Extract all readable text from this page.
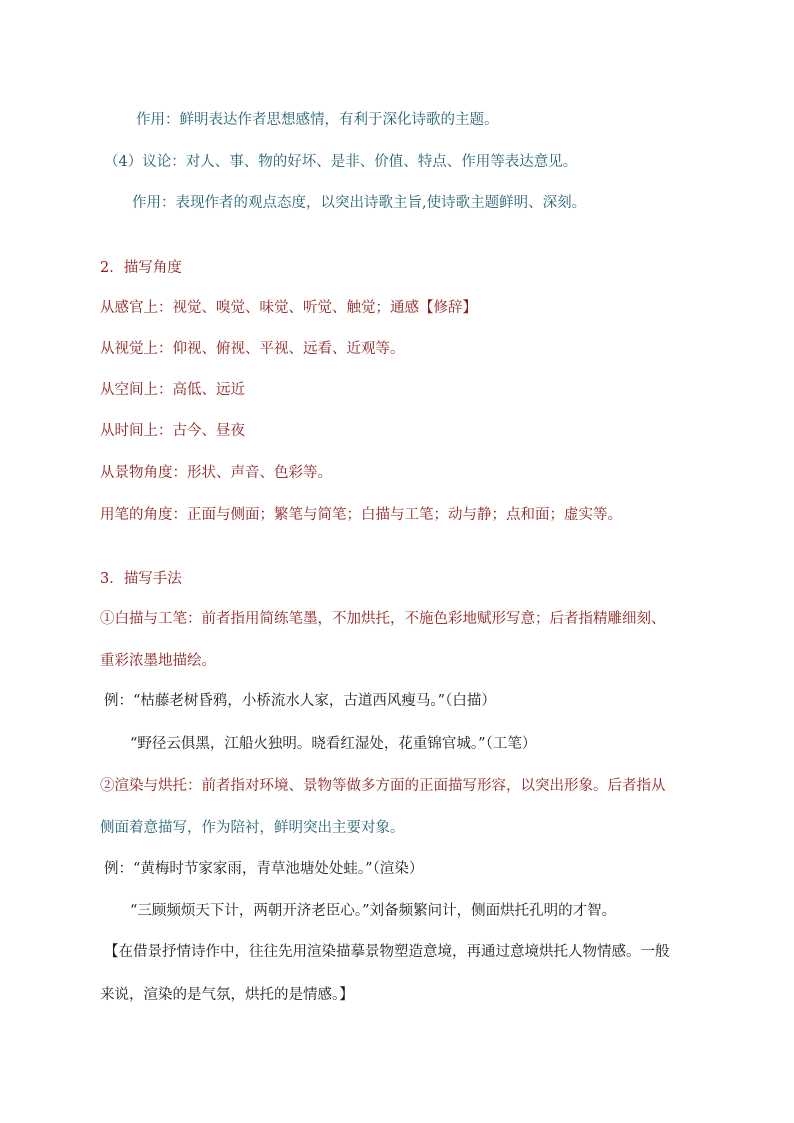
作用：鲜明表达作者思想感情，有利于深化诗歌的主题。
（4）议论：对人、事、物的好坏、是非、价值、特点、作用等表达意见。
作用：表现作者的观点态度，以突出诗歌主旨,使诗歌主题鲜明、深刻。
2．描写角度
从感官上：视觉、嗅觉、味觉、听觉、触觉；通感【修辞】
从视觉上：仰视、俯视、平视、远看、近观等。
从空间上：高低、远近
从时间上：古今、昼夜
从景物角度：形状、声音、色彩等。
用笔的角度：正面与侧面；繁笔与简笔；白描与工笔；动与静；点和面；虚实等。
3．描写手法
①白描与工笔：前者指用简练笔墨，不加烘托，不施色彩地赋形写意；后者指精雕细刻、
重彩浓墨地描绘。
例：“枯藤老树昏鸦，小桥流水人家，古道西风瘦马。”（白描）
“野径云俱黑，江船火独明。晓看红湿处，花重锦官城。”（工笔）
②渲染与烘托：前者指对环境、景物等做多方面的正面描写形容，以突出形象。后者指从
侧面着意描写，作为陪衬，鲜明突出主要对象。
例：“黄梅时节家家雨，青草池塘处处蛙。”（渲染）
“三顾频烦天下计，两朝开济老臣心。”刘备频繁问计，侧面烘托孔明的才智。
【在借景抒情诗作中，往往先用渲染描摹景物塑造意境，再通过意境烘托人物情感。一般
来说，渲染的是气氛，烘托的是情感。】
